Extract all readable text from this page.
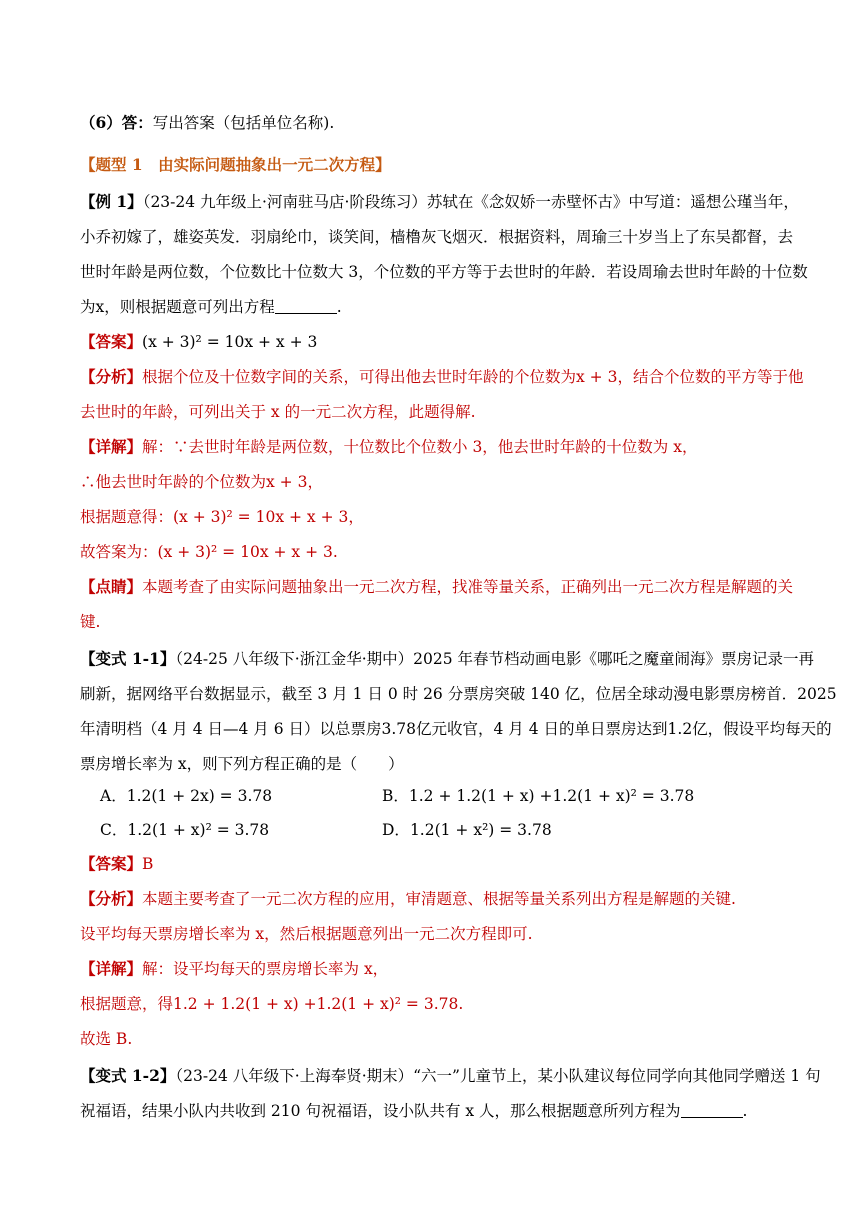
（6）答：写出答案（包括单位名称).
【题型 1　由实际问题抽象出一元二次方程】
【例 1】（23-24 九年级上·河南驻马店·阶段练习）苏轼在《念奴娇一赤壁怀古》中写道：遥想公瑾当年，
小乔初嫁了，雄姿英发．羽扇纶巾，谈笑间，樯橹灰飞烟灭．根据资料，周瑜三十岁当上了东吴都督，去
世时年龄是两位数，个位数比十位数大 3，个位数的平方等于去世时的年龄．若设周瑜去世时年龄的十位数
为x，则根据题意可列出方程	.
【答案】(x + 3)² = 10x + x + 3
【分析】根据个位及十位数字间的关系，可得出他去世时年龄的个位数为x + 3，结合个位数的平方等于他
去世时的年龄，可列出关于 x 的一元二次方程，此题得解.
【详解】解：∵去世时年龄是两位数，十位数比个位数小 3，他去世时年龄的十位数为 x，
∴他去世时年龄的个位数为x + 3，
根据题意得：(x + 3)² = 10x + x + 3，
故答案为：(x + 3)² = 10x + x + 3.
【点睛】本题考查了由实际问题抽象出一元二次方程，找准等量关系，正确列出一元二次方程是解题的关
键.
【变式 1-1】（24-25 八年级下·浙江金华·期中）2025 年春节档动画电影《哪吒之魔童闹海》票房记录一再
刷新，据网络平台数据显示，截至 3 月 1 日 0 时 26 分票房突破 140 亿，位居全球动漫电影票房榜首．2025
年清明档（4 月 4 日—4 月 6 日）以总票房3.78亿元收官，4 月 4 日的单日票房达到1.2亿，假设平均每天的
票房增长率为 x，则下列方程正确的是（　　）
A．1.2(1 + 2x) = 3.78	B．1.2 + 1.2(1 + x) +1.2(1 + x)² = 3.78
C．1.2(1 + x)² = 3.78	D．1.2(1 + x²) = 3.78
【答案】B
【分析】本题主要考查了一元二次方程的应用，审清题意、根据等量关系列出方程是解题的关键.
设平均每天票房增长率为 x，然后根据题意列出一元二次方程即可.
【详解】解：设平均每天的票房增长率为 x，
根据题意，得1.2 + 1.2(1 + x) +1.2(1 + x)² = 3.78.
故选 B.
【变式 1-2】（23-24 八年级下·上海奉贤·期末）“六一”儿童节上，某小队建议每位同学向其他同学赠送 1 句
祝福语，结果小队内共收到 210 句祝福语，设小队共有 x 人，那么根据题意所列方程为	.
